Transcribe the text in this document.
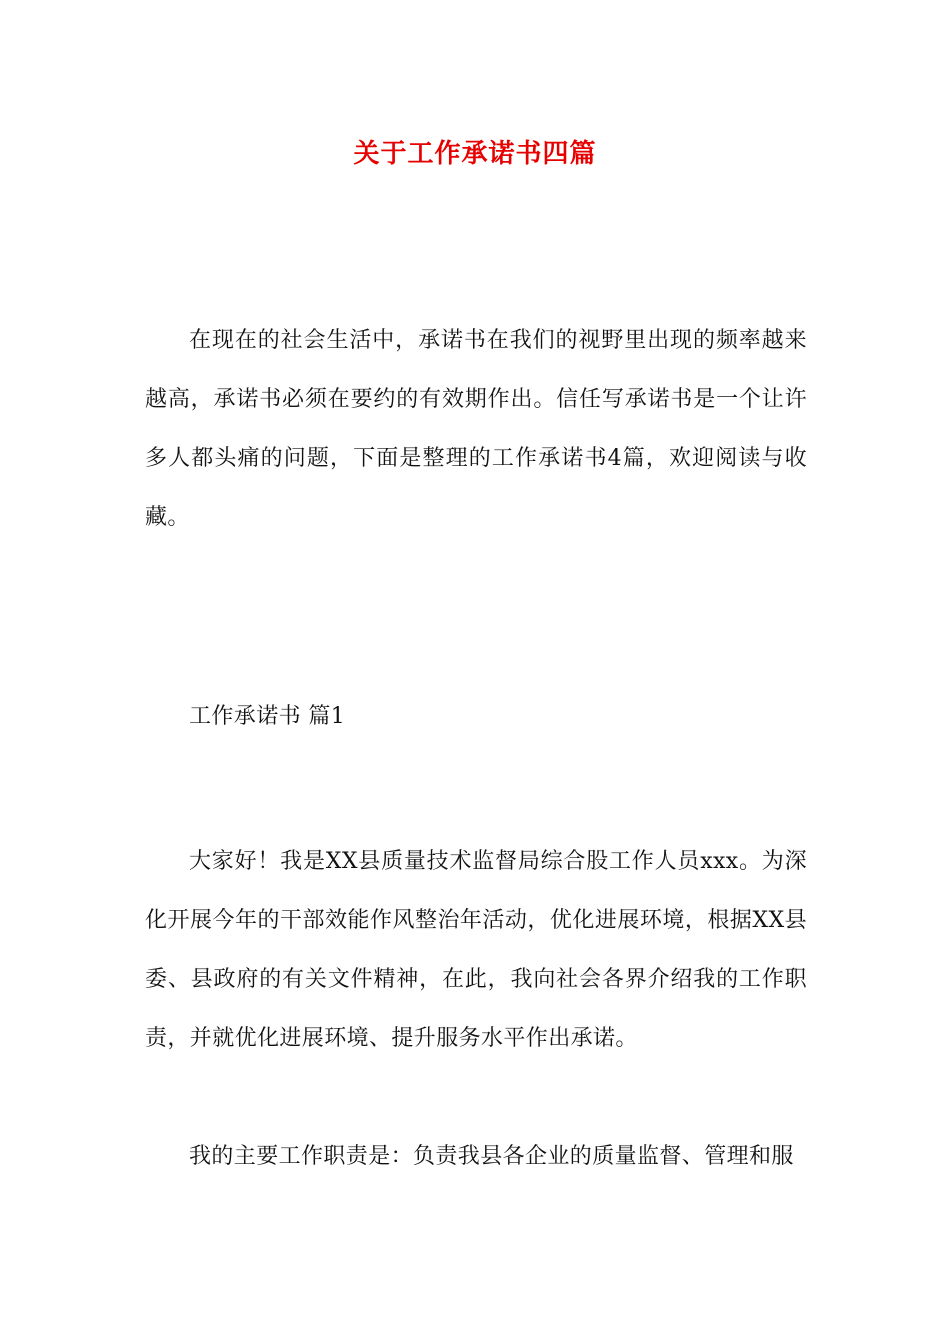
关于工作承诺书四篇
在现在的社会生活中，承诺书在我们的视野里出现的频率越来越高，承诺书必须在要约的有效期作出。信任写承诺书是一个让许多人都头痛的问题，下面是整理的工作承诺书4篇，欢迎阅读与收藏。
工作承诺书 篇1
大家好！我是XX县质量技术监督局综合股工作人员xxx。为深化开展今年的干部效能作风整治年活动，优化进展环境，根据XX县委、县政府的有关文件精神，在此，我向社会各界介绍我的工作职责，并就优化进展环境、提升服务水平作出承诺。
我的主要工作职责是：负责我县各企业的质量监督、管理和服
